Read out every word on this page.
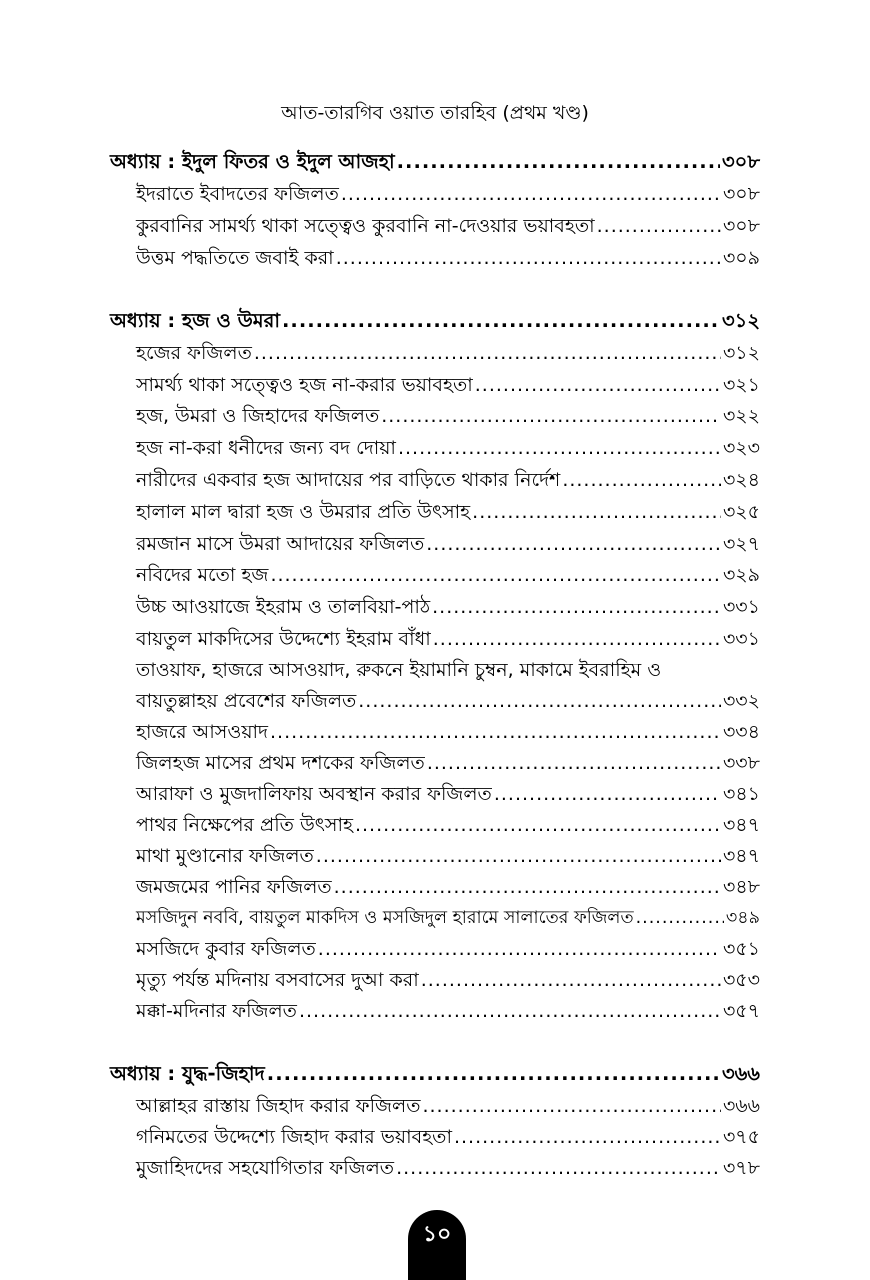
আত-তারগিব ওয়াত তারহিব (প্রথম খণ্ড)
অধ্যায় : ইদুল ফিতর ও ইদুল আজহা .....	৩০৮
ইদরাতে ইবাদতের ফজিলত .....	৩০৮
কুরবানির সামর্থ্য থাকা সত্ত্বেও কুরবানি না-দেওয়ার ভয়াবহতা .....	৩০৮
উত্তম পদ্ধতিতে জবাই করা .....	৩০৯
অধ্যায় : হজ ও উমরা .....	৩১২
হজের ফজিলত .....	৩১২
সামর্থ্য থাকা সত্ত্বেও হজ না-করার ভয়াবহতা .....	৩২১
হজ, উমরা ও জিহাদের ফজিলত .....	৩২২
হজ না-করা ধনীদের জন্য বদ দোয়া .....	৩২৩
নারীদের একবার হজ আদায়ের পর বাড়িতে থাকার নির্দেশ .....	৩২৪
হালাল মাল দ্বারা হজ ও উমরার প্রতি উৎসাহ .....	৩২৫
রমজান মাসে উমরা আদায়ের ফজিলত .....	৩২৭
নবিদের মতো হজ .....	৩২৯
উচ্চ আওয়াজে ইহরাম ও তালবিয়া-পাঠ .....	৩৩১
বায়তুল মাকদিসের উদ্দেশ্যে ইহরাম বাঁধা .....	৩৩১
তাওয়াফ, হাজরে আসওয়াদ, রুকনে ইয়ামানি চুম্বন, মাকামে ইবরাহিম ও
বায়তুল্লাহয় প্রবেশের ফজিলত .....	৩৩২
হাজরে আসওয়াদ .....	৩৩৪
জিলহজ মাসের প্রথম দশকের ফজিলত .....	৩৩৮
আরাফা ও মুজদালিফায় অবস্থান করার ফজিলত .....	৩৪১
পাথর নিক্ষেপের প্রতি উৎসাহ .....	৩৪৭
মাথা মুণ্ডানোর ফজিলত .....	৩৪৭
জমজমের পানির ফজিলত .....	৩৪৮
মসজিদুন নববি, বায়তুল মাকদিস ও মসজিদুল হারামে সালাতের ফজিলত .....	৩৪৯
মসজিদে কুবার ফজিলত .....	৩৫১
মৃত্যু পর্যন্ত মদিনায় বসবাসের দুআ করা .....	৩৫৩
মক্কা-মদিনার ফজিলত .....	৩৫৭
অধ্যায় : যুদ্ধ-জিহাদ .....	৩৬৬
আল্লাহর রাস্তায় জিহাদ করার ফজিলত .....	৩৬৬
গনিমতের উদ্দেশ্যে জিহাদ করার ভয়াবহতা .....	৩৭৫
মুজাহিদদের সহযোগিতার ফজিলত .....	৩৭৮
১০
